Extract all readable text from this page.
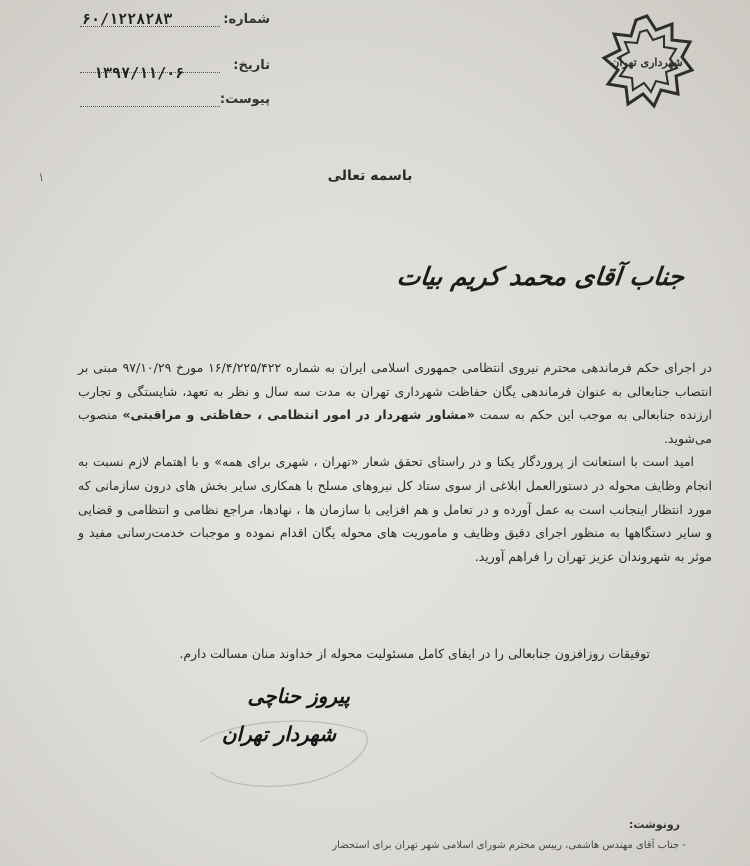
شهرداری تهران
شماره:
۶۰/۱۲۲۸۲۸۳
تاریخ:
۱۳۹۷/۱۱/۰۶
پیوست:
۱	باسمه تعالی
جناب آقای محمد کریم بیات

در اجرای حکم فرماندهی محترم نیروی انتظامی جمهوری اسلامی ایران به شماره ۱۶/۴/۲۲۵/۴۲۲ مورخ ۹۷/۱۰/۲۹ مبنی بر انتصاب جنابعالی به عنوان فرماندهی یگان حفاظت شهرداری تهران به مدت سه سال و نظر به تعهد، شایستگی و تجارب ارزنده جنابعالی به موجب این حکم به سمت «مشاور شهردار در امور انتظامی ، حفاظتی و مراقبتی» منصوب می‌شوید.

امید است با استعانت از پروردگار یکتا و در راستای تحقق شعار «تهران ، شهری برای همه» و با اهتمام لازم نسبت به انجام وظایف محوله در دستورالعمل ابلاغی از سوی ستاد کل نیروهای مسلح با همکاری سایر بخش های درون سازمانی که مورد انتظار اینجانب است به عمل آورده و در تعامل و هم افزایی با سازمان ها ، نهادها، مراجع نظامی و انتظامی و قضایی و سایر دستگاهها به منظور اجرای دقیق وظایف و ماموریت های محوله یگان اقدام نموده و موجبات خدمت‌رسانی مفید و موثر به شهروندان عزیز تهران را فراهم آورید.

توفیقات روزافزون جنابعالی را در ایفای کامل مسئولیت محوله از خداوند منان مسالت دارم.
پیروز حناچی
شهردار تهران
رونوشت:
- جناب آقای مهندس هاشمی، رییس محترم شورای اسلامی شهر تهران برای استحضار
